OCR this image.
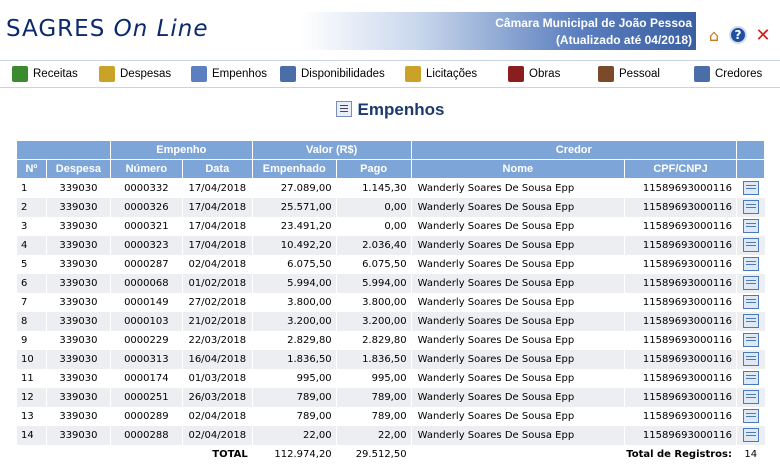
SAGRES On Line	Câmara Municipal de João Pessoa
(Atualizado até 04/2018) ⌂	? ✕
Receitas	Despesas	Empenhos	Disponibilidades	Licitações	Obras	Pessoal	Credores
Empenhos
		Empenho		Valor (R$)		Credor		
Nº	Despesa	Número	Data	Empenhado	Pago	Nome	CPF/CNPJ	
1	339030	0000332	17/04/2018	27.089,00	1.145,30	Wanderly Soares De Sousa Epp	11589693000116	
2	339030	0000326	17/04/2018	25.571,00	0,00	Wanderly Soares De Sousa Epp	11589693000116	
3	339030	0000321	17/04/2018	23.491,20	0,00	Wanderly Soares De Sousa Epp	11589693000116	
4	339030	0000323	17/04/2018	10.492,20	2.036,40	Wanderly Soares De Sousa Epp	11589693000116	
5	339030	0000287	02/04/2018	6.075,50	6.075,50	Wanderly Soares De Sousa Epp	11589693000116	
6	339030	0000068	01/02/2018	5.994,00	5.994,00	Wanderly Soares De Sousa Epp	11589693000116	
7	339030	0000149	27/02/2018	3.800,00	3.800,00	Wanderly Soares De Sousa Epp	11589693000116	
8	339030	0000103	21/02/2018	3.200,00	3.200,00	Wanderly Soares De Sousa Epp	11589693000116	
9	339030	0000229	22/03/2018	2.829,80	2.829,80	Wanderly Soares De Sousa Epp	11589693000116	
10	339030	0000313	16/04/2018	1.836,50	1.836,50	Wanderly Soares De Sousa Epp	11589693000116	
11	339030	0000174	01/03/2018	995,00	995,00	Wanderly Soares De Sousa Epp	11589693000116	
12	339030	0000251	26/03/2018	789,00	789,00	Wanderly Soares De Sousa Epp	11589693000116	
13	339030	0000289	02/04/2018	789,00	789,00	Wanderly Soares De Sousa Epp	11589693000116	
14	339030	0000288	02/04/2018	22,00	22,00	Wanderly Soares De Sousa Epp	11589693000116	
TOTAL				112.974,20	29.512,50		Total de Registros:	14
